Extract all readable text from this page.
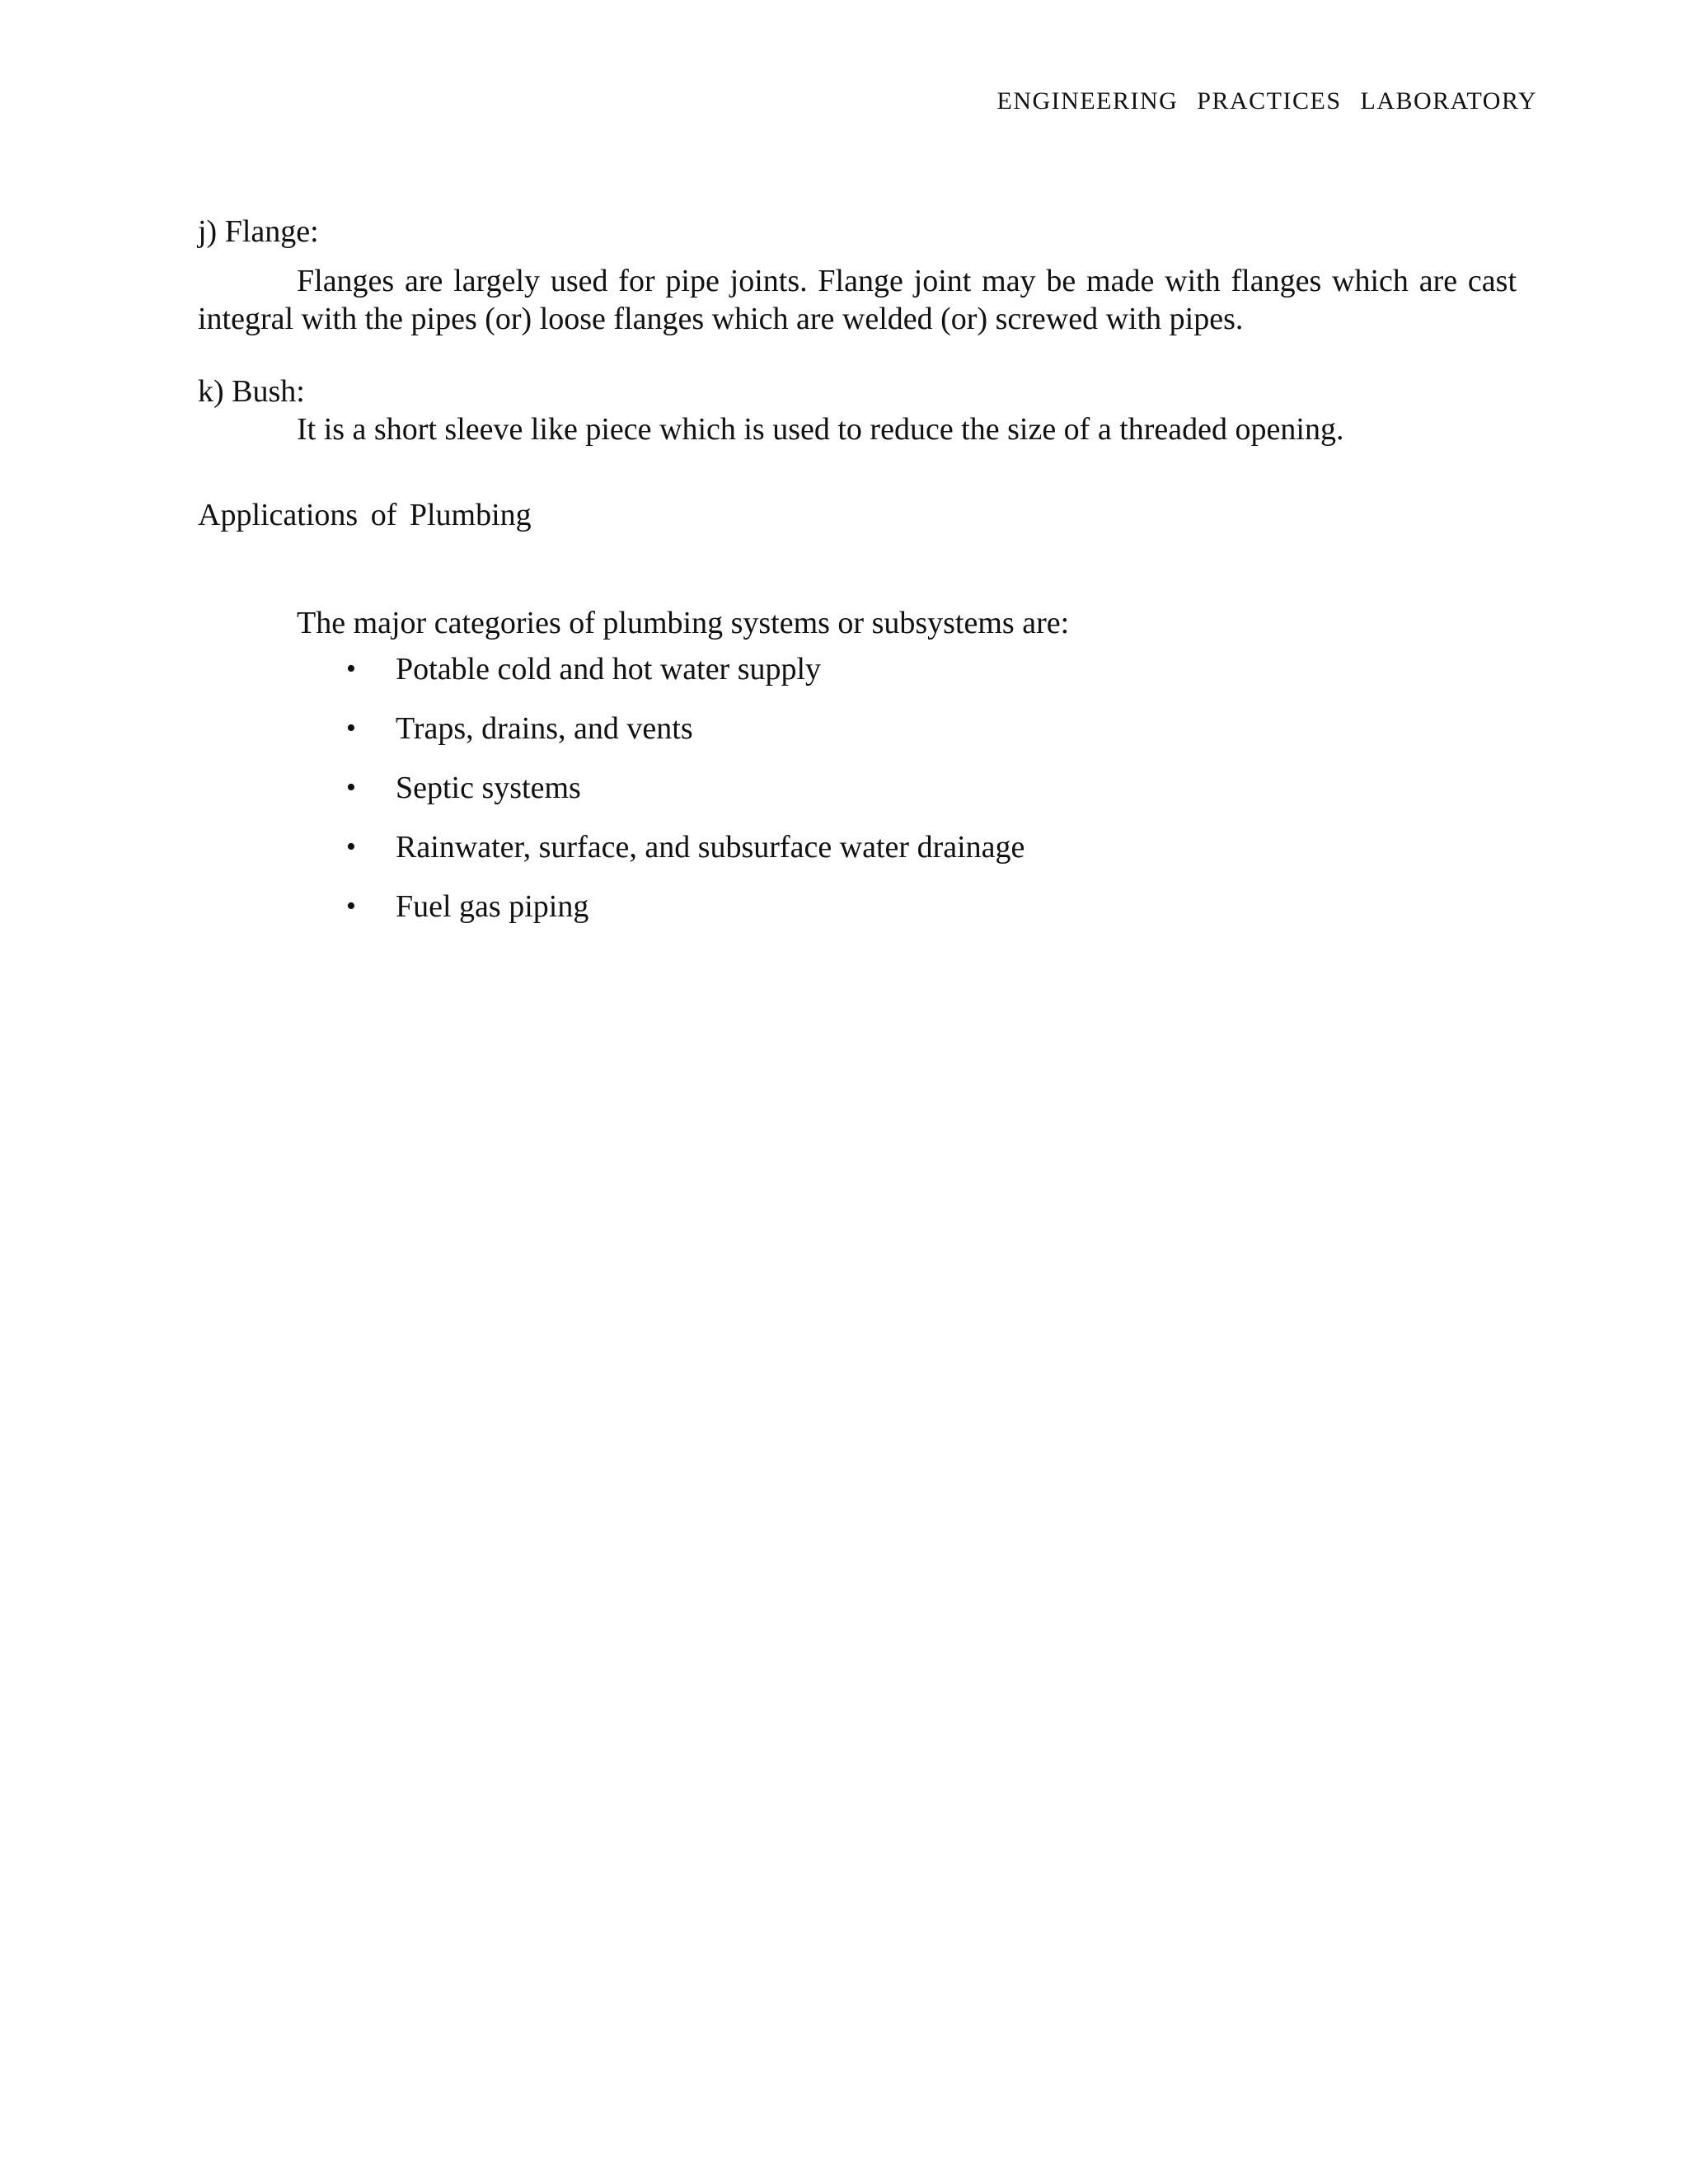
ENGINEERING PRACTICES LABORATORY
j) Flange:

Flanges are largely used for pipe joints. Flange joint may be made with flanges which are cast integral with the pipes (or) loose flanges which are welded (or) screwed with pipes.

k) Bush:

It is a short sleeve like piece which is used to reduce the size of a threaded opening.

Applications of Plumbing

The major categories of plumbing systems or subsystems are:

• Potable cold and hot water supply
• Traps, drains, and vents
• Septic systems
• Rainwater, surface, and subsurface water drainage
• Fuel gas piping
